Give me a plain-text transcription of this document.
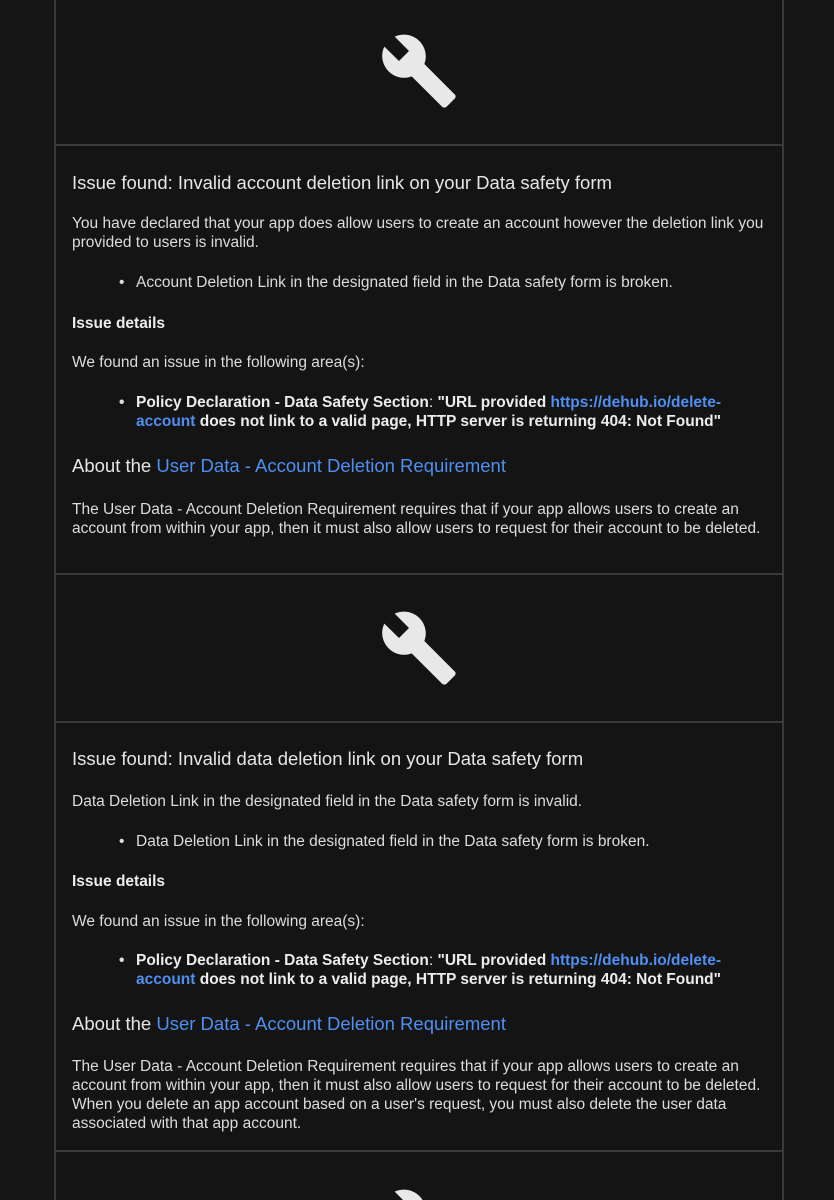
Issue found: Invalid account deletion link on your Data safety form
You have declared that your app does allow users to create an account however the deletion link you provided to users is invalid.
• Account Deletion Link in the designated field in the Data safety form is broken.
Issue details
We found an issue in the following area(s):
• Policy Declaration - Data Safety Section: "URL provided https://dehub.io/delete-account does not link to a valid page, HTTP server is returning 404: Not Found"
About the User Data - Account Deletion Requirement
The User Data - Account Deletion Requirement requires that if your app allows users to create an account from within your app, then it must also allow users to request for their account to be deleted.
Issue found: Invalid data deletion link on your Data safety form
Data Deletion Link in the designated field in the Data safety form is invalid.
• Data Deletion Link in the designated field in the Data safety form is broken.
Issue details
We found an issue in the following area(s):
• Policy Declaration - Data Safety Section: "URL provided https://dehub.io/delete-account does not link to a valid page, HTTP server is returning 404: Not Found"
About the User Data - Account Deletion Requirement
The User Data - Account Deletion Requirement requires that if your app allows users to create an account from within your app, then it must also allow users to request for their account to be deleted. When you delete an app account based on a user's request, you must also delete the user data associated with that app account.
